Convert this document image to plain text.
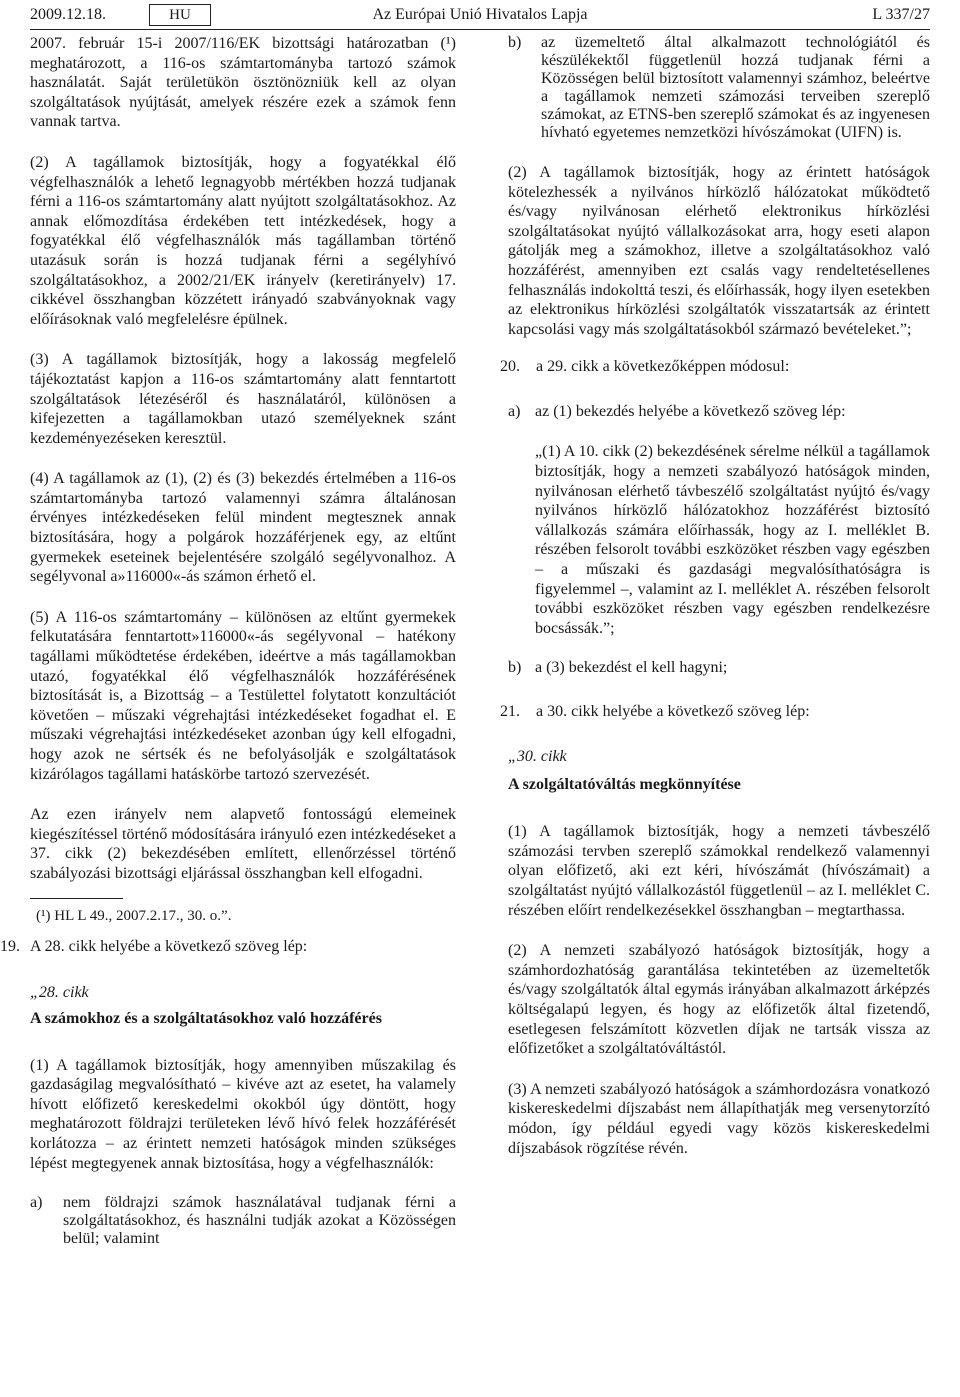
Az Európai Unió Hivatalos Lapja
2009.12.18.	HU	L 337/27

2007. február 15-i 2007/116/EK bizottsági határozatban (¹) meghatározott, a 116-os számtartományba tartozó számok használatát. Saját területükön ösztönözniük kell az olyan szolgáltatások nyújtását, amelyek részére ezek a számok fenn vannak tartva.

(2) A tagállamok biztosítják, hogy a fogyatékkal élő végfelhasználók a lehető legnagyobb mértékben hozzá tudjanak férni a 116-os számtartomány alatt nyújtott szolgáltatásokhoz. Az annak előmozdítása érdekében tett intézkedések, hogy a fogyatékkal élő végfelhasználók más tagállamban történő utazásuk során is hozzá tudjanak férni a segélyhívó szolgáltatásokhoz, a 2002/21/EK irányelv (keretirányelv) 17. cikkével összhangban közzétett irányadó szabványoknak vagy előírásoknak való megfelelésre épülnek.

(3) A tagállamok biztosítják, hogy a lakosság megfelelő tájékoztatást kapjon a 116-os számtartomány alatt fenntartott szolgáltatások létezéséről és használatáról, különösen a kifejezetten a tagállamokban utazó személyeknek szánt kezdeményezéseken keresztül.

(4) A tagállamok az (1), (2) és (3) bekezdés értelmében a 116-os számtartományba tartozó valamennyi számra általánosan érvényes intézkedéseken felül mindent megtesznek annak biztosítására, hogy a polgárok hozzáférjenek egy, az eltűnt gyermekek eseteinek bejelentésére szolgáló segélyvonalhoz. A segélyvonal a»116000«-ás számon érhető el.

(5) A 116-os számtartomány – különösen az eltűnt gyermekek felkutatására fenntartott»116000«-ás segélyvonal – hatékony tagállami működtetése érdekében, ideértve a más tagállamokban utazó, fogyatékkal élő végfelhasználók hozzáférésének biztosítását is, a Bizottság – a Testülettel folytatott konzultációt követően – műszaki végrehajtási intézkedéseket fogadhat el. E műszaki végrehajtási intézkedéseket azonban úgy kell elfogadni, hogy azok ne sértsék és ne befolyásolják e szolgáltatások kizárólagos tagállami hatáskörbe tartozó szervezését.

Az ezen irányelv nem alapvető fontosságú elemeinek kiegészítéssel történő módosítására irányuló ezen intézkedéseket a 37. cikk (2) bekezdésében említett, ellenőrzéssel történő szabályozási bizottsági eljárással összhangban kell elfogadni.

(¹) HL L 49., 2007.2.17., 30. o.”.

19. A 28. cikk helyébe a következő szöveg lép:

„28. cikk

A számokhoz és a szolgáltatásokhoz való hozzáférés

(1) A tagállamok biztosítják, hogy amennyiben műszakilag és gazdaságilag megvalósítható – kivéve azt az esetet, ha valamely hívott előfizető kereskedelmi okokból úgy döntött, hogy meghatározott földrajzi területeken lévő hívó felek hozzáférését korlátozza – az érintett nemzeti hatóságok minden szükséges lépést megtegyenek annak biztosítása, hogy a végfelhasználók:

a)	nem földrajzi számok használatával tudjanak férni a szolgáltatásokhoz, és használni tudják azokat a Közösségen belül; valamint
b)	az üzemeltető által alkalmazott technológiától és készülékektől függetlenül hozzá tudjanak férni a Közösségen belül biztosított valamennyi számhoz, beleértve a tagállamok nemzeti számozási terveiben szereplő számokat, az ETNS-ben szereplő számokat és az ingyenesen hívható egyetemes nemzetközi hívószámokat (UIFN) is.

(2) A tagállamok biztosítják, hogy az érintett hatóságok kötelezhessék a nyilvános hírközlő hálózatokat működtető és/vagy nyilvánosan elérhető elektronikus hírközlési szolgáltatásokat nyújtó vállalkozásokat arra, hogy eseti alapon gátolják meg a számokhoz, illetve a szolgáltatásokhoz való hozzáférést, amennyiben ezt csalás vagy rendeltetésellenes felhasználás indokolttá teszi, és előírhassák, hogy ilyen esetekben az elektronikus hírközlési szolgáltatók visszatartsák az érintett kapcsolási vagy más szolgáltatásokból származó bevételeket.”;

20.	a 29. cikk a következőképpen módosul:
a) az (1) bekezdés helyébe a következő szöveg lép:

„(1) A 10. cikk (2) bekezdésének sérelme nélkül a tagállamok biztosítják, hogy a nemzeti szabályozó hatóságok minden, nyilvánosan elérhető távbeszélő szolgáltatást nyújtó és/vagy nyilvános hírközlő hálózatokhoz hozzáférést biztosító vállalkozás számára előírhassák, hogy az I. melléklet B. részében felsorolt további eszközöket részben vagy egészben – a műszaki és gazdasági megvalósíthatóságra is figyelemmel –, valamint az I. melléklet A. részében felsorolt további eszközöket részben vagy egészben rendelkezésre bocsássák.”;

b) a (3) bekezdést el kell hagyni;
21.	a 30. cikk helyébe a következő szöveg lép:

„30. cikk

A szolgáltatóváltás megkönnyítése

(1) A tagállamok biztosítják, hogy a nemzeti távbeszélő számozási tervben szereplő számokkal rendelkező valamennyi olyan előfizető, aki ezt kéri, hívószámát (hívószámait) a szolgáltatást nyújtó vállalkozástól függetlenül – az I. melléklet C. részében előírt rendelkezésekkel összhangban – megtarthassa.

(2) A nemzeti szabályozó hatóságok biztosítják, hogy a számhordozhatóság garantálása tekintetében az üzemeltetők és/vagy szolgáltatók által egymás irányában alkalmazott árképzés költségalapú legyen, és hogy az előfizetők által fizetendő, esetlegesen felszámított közvetlen díjak ne tartsák vissza az előfizetőket a szolgáltatóváltástól.

(3) A nemzeti szabályozó hatóságok a számhordozásra vonatkozó kiskereskedelmi díjszabást nem állapíthatják meg versenytorzító módon, így például egyedi vagy közös kiskereskedelmi díjszabások rögzítése révén.
